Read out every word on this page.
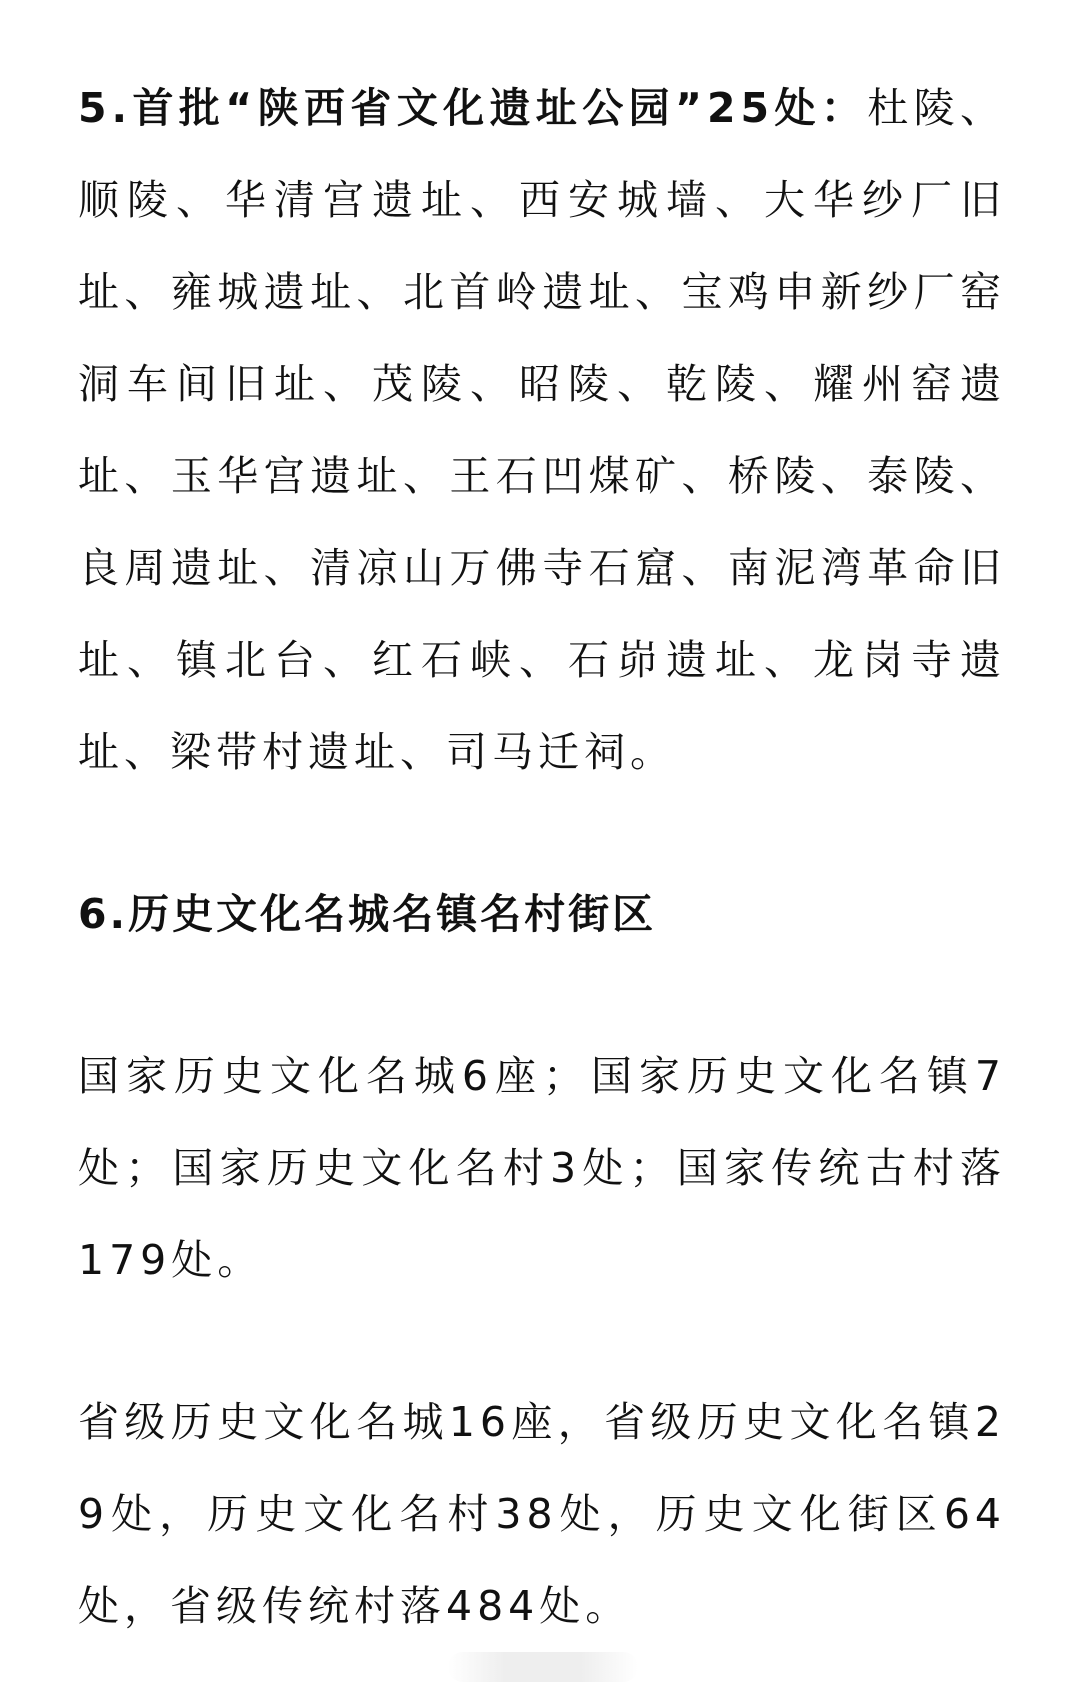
5.首批“陕西省文化遗址公园”25处：杜陵、顺陵、华清宫遗址、西安城墙、大华纱厂旧址、雍城遗址、北首岭遗址、宝鸡申新纱厂窑洞车间旧址、茂陵、昭陵、乾陵、耀州窑遗址、玉华宫遗址、王石凹煤矿、桥陵、泰陵、良周遗址、清凉山万佛寺石窟、南泥湾革命旧址、镇北台、红石峡、石峁遗址、龙岗寺遗址、梁带村遗址、司马迁祠。

6.历史文化名城名镇名村街区

国家历史文化名城6座；国家历史文化名镇7处；国家历史文化名村3处；国家传统古村落179处。

省级历史文化名城16座，省级历史文化名镇29处，历史文化名村38处，历史文化街区64处，省级传统村落484处。
